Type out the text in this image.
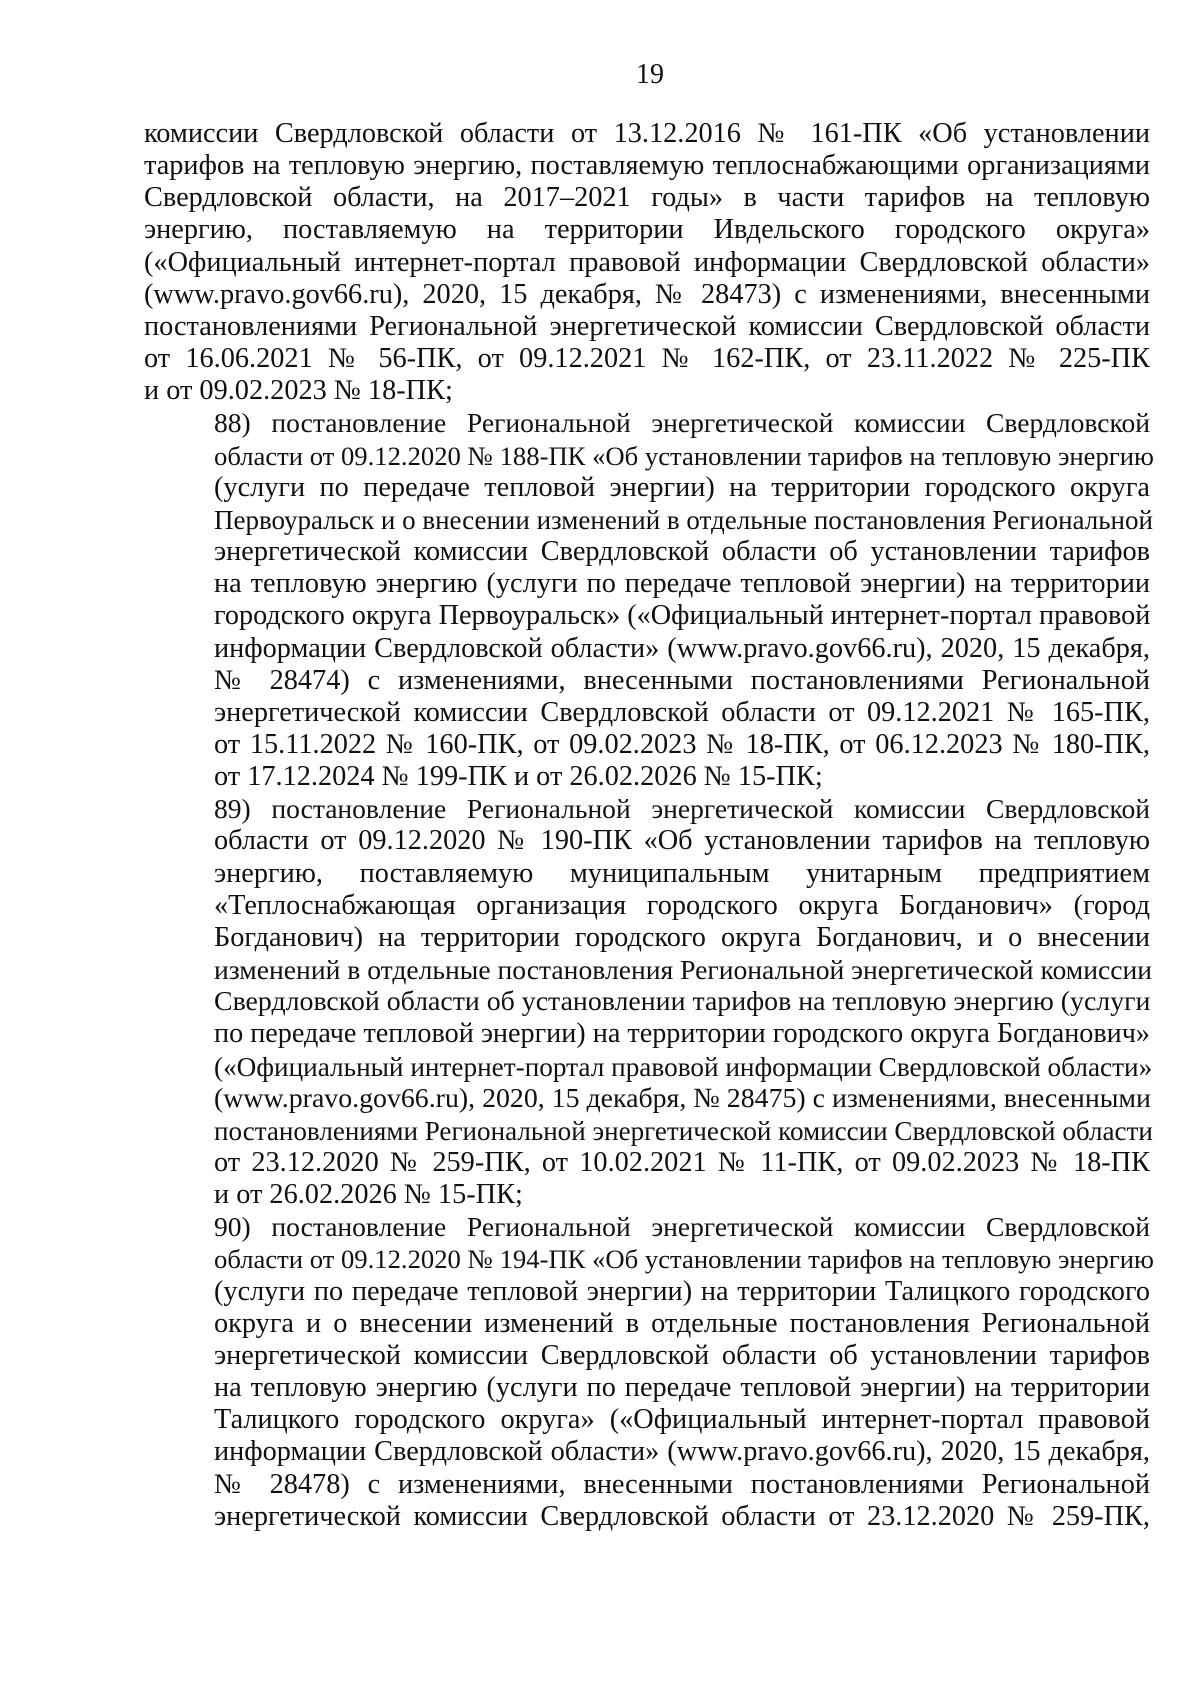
19
комиссии Свердловской области от 13.12.2016 № 161-ПК «Об установлении
тарифов на тепловую энергию, поставляемую теплоснабжающими организациями
Свердловской области, на 2017–2021 годы» в части тарифов на тепловую
энергию, поставляемую на территории Ивдельского городского округа»
(«Официальный интернет-портал правовой информации Свердловской области»
(www.pravo.gov66.ru), 2020, 15 декабря, № 28473) с изменениями, внесенными
постановлениями Региональной энергетической комиссии Свердловской области
от 16.06.2021 № 56-ПК, от 09.12.2021 № 162-ПК, от 23.11.2022 № 225-ПК
и от 09.02.2023 № 18-ПК;
88) постановление Региональной энергетической комиссии Свердловской
области от 09.12.2020 № 188-ПК «Об установлении тарифов на тепловую энергию
(услуги по передаче тепловой энергии) на территории городского округа
Первоуральск и о внесении изменений в отдельные постановления Региональной
энергетической комиссии Свердловской области об установлении тарифов
на тепловую энергию (услуги по передаче тепловой энергии) на территории
городского округа Первоуральск» («Официальный интернет-портал правовой
информации Свердловской области» (www.pravo.gov66.ru), 2020, 15 декабря,
№ 28474) с изменениями, внесенными постановлениями Региональной
энергетической комиссии Свердловской области от 09.12.2021 № 165-ПК,
от 15.11.2022 № 160-ПК, от 09.02.2023 № 18-ПК, от 06.12.2023 № 180-ПК,
от 17.12.2024 № 199-ПК и от 26.02.2026 № 15-ПК;
89) постановление Региональной энергетической комиссии Свердловской
области от 09.12.2020 № 190-ПК «Об установлении тарифов на тепловую
энергию, поставляемую муниципальным унитарным предприятием
«Теплоснабжающая организация городского округа Богданович» (город
Богданович) на территории городского округа Богданович, и о внесении
изменений в отдельные постановления Региональной энергетической комиссии
Свердловской области об установлении тарифов на тепловую энергию (услуги
по передаче тепловой энергии) на территории городского округа Богданович»
(«Официальный интернет-портал правовой информации Свердловской области»
(www.pravo.gov66.ru), 2020, 15 декабря, № 28475) с изменениями, внесенными
постановлениями Региональной энергетической комиссии Свердловской области
от 23.12.2020 № 259-ПК, от 10.02.2021 № 11-ПК, от 09.02.2023 № 18-ПК
и от 26.02.2026 № 15-ПК;
90) постановление Региональной энергетической комиссии Свердловской
области от 09.12.2020 № 194-ПК «Об установлении тарифов на тепловую энергию
(услуги по передаче тепловой энергии) на территории Талицкого городского
округа и о внесении изменений в отдельные постановления Региональной
энергетической комиссии Свердловской области об установлении тарифов
на тепловую энергию (услуги по передаче тепловой энергии) на территории
Талицкого городского округа» («Официальный интернет-портал правовой
информации Свердловской области» (www.pravo.gov66.ru), 2020, 15 декабря,
№ 28478) с изменениями, внесенными постановлениями Региональной
энергетической комиссии Свердловской области от 23.12.2020 № 259-ПК,
